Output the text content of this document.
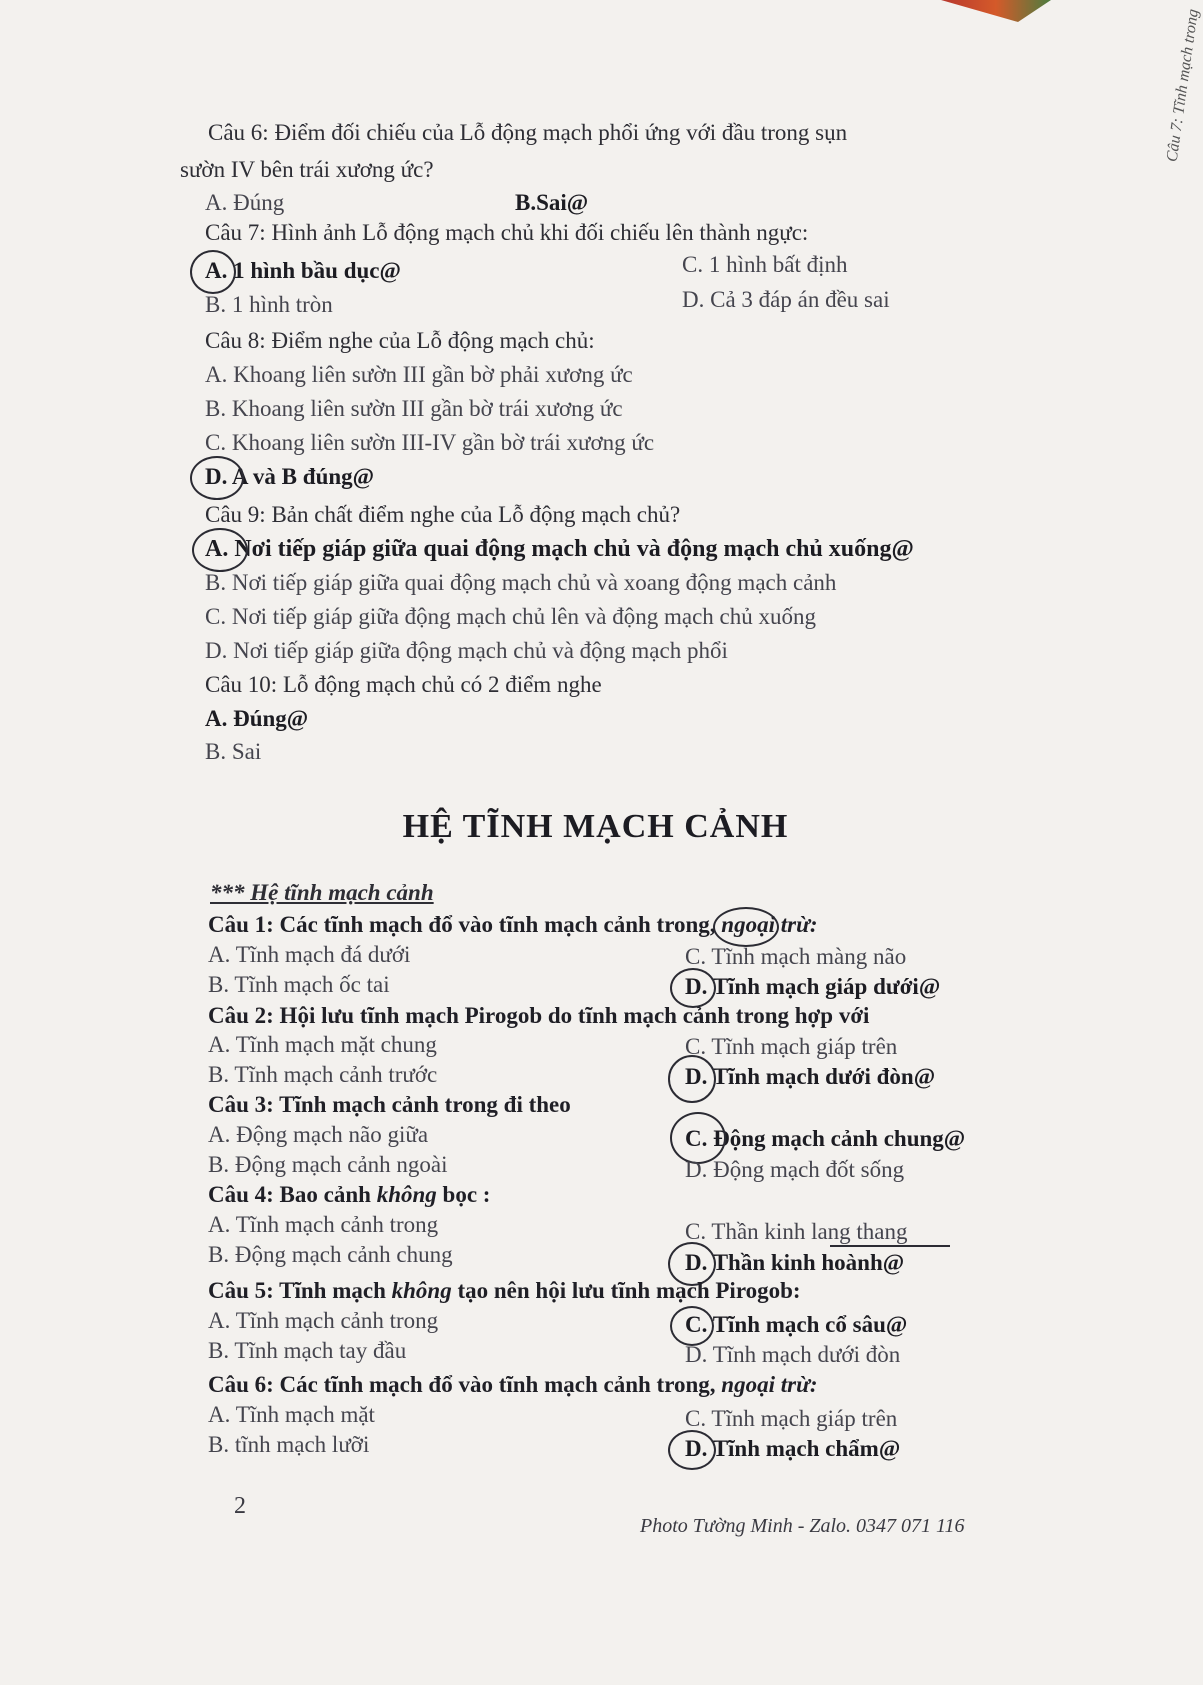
Câu 7: Tĩnh mạch trong
Câu 6: Điểm đối chiếu của Lỗ động mạch phổi ứng với đầu trong sụn
sườn IV bên trái xương ức?
A. Đúng	B.Sai@
Câu 7: Hình ảnh Lỗ động mạch chủ khi đối chiếu lên thành ngực:
A. 1 hình bầu dục@	C. 1 hình bất định
B. 1 hình tròn	D. Cả 3 đáp án đều sai
Câu 8: Điểm nghe của Lỗ động mạch chủ:
A. Khoang liên sườn III gần bờ phải xương ức
B. Khoang liên sườn III gần bờ trái xương ức
C. Khoang liên sườn III-IV gần bờ trái xương ức
D. A và B đúng@
Câu 9: Bản chất điểm nghe của Lỗ động mạch chủ?
A. Nơi tiếp giáp giữa quai động mạch chủ và động mạch chủ xuống@
B. Nơi tiếp giáp giữa quai động mạch chủ và xoang động mạch cảnh
C. Nơi tiếp giáp giữa động mạch chủ lên và động mạch chủ xuống
D. Nơi tiếp giáp giữa động mạch chủ và động mạch phổi
Câu 10: Lỗ động mạch chủ có 2 điểm nghe
A. Đúng@
B. Sai
HỆ TĨNH MẠCH CẢNH
*** Hệ tĩnh mạch cảnh
Câu 1: Các tĩnh mạch đổ vào tĩnh mạch cảnh trong, ngoại trừ:
A. Tĩnh mạch đá dưới	C. Tĩnh mạch màng não
B. Tĩnh mạch ốc tai	D. Tĩnh mạch giáp dưới@
Câu 2: Hội lưu tĩnh mạch Pirogob do tĩnh mạch cảnh trong hợp với
A. Tĩnh mạch mặt chung	C. Tĩnh mạch giáp trên
B. Tĩnh mạch cảnh trước	D. Tĩnh mạch dưới đòn@
Câu 3: Tĩnh mạch cảnh trong đi theo
A. Động mạch não giữa	C. Động mạch cảnh chung@
B. Động mạch cảnh ngoài	D. Động mạch đốt sống
Câu 4: Bao cảnh không bọc :
A. Tĩnh mạch cảnh trong	C. Thần kinh lang thang
B. Động mạch cảnh chung	D. Thần kinh hoành@
Câu 5: Tĩnh mạch không tạo nên hội lưu tĩnh mạch Pirogob:
A. Tĩnh mạch cảnh trong	C. Tĩnh mạch cổ sâu@
B. Tĩnh mạch tay đầu	D. Tĩnh mạch dưới đòn
Câu 6: Các tĩnh mạch đổ vào tĩnh mạch cảnh trong, ngoại trừ:
A. Tĩnh mạch mặt	C. Tĩnh mạch giáp trên
B. tĩnh mạch lưỡi	D. Tĩnh mạch chẩm@
2
Photo Tường Minh - Zalo. 0347 071 116
